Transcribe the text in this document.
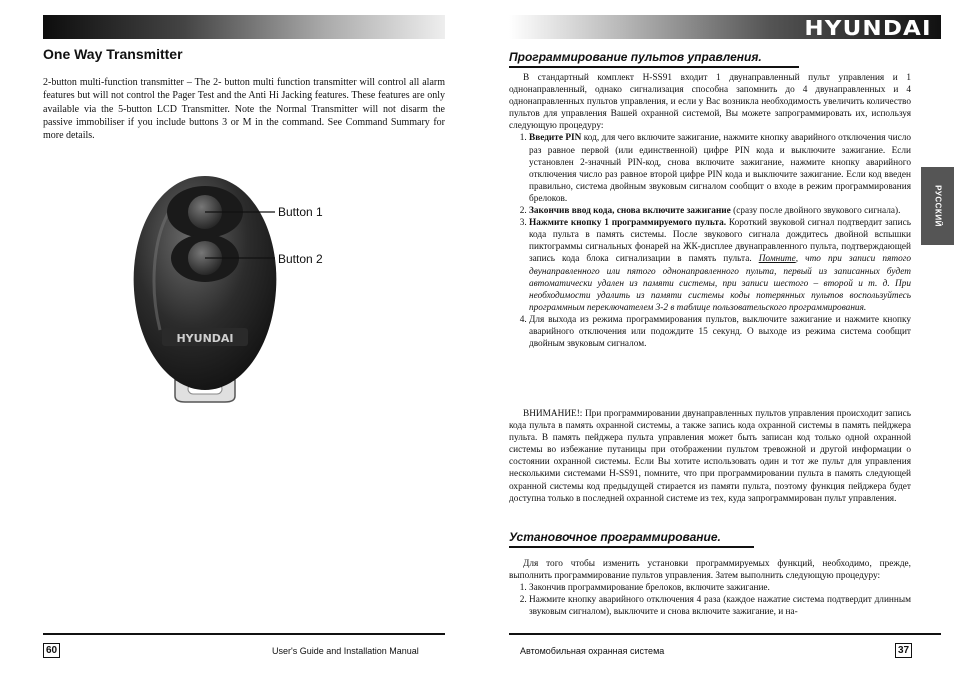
One Way Transmitter
2-button multi-function transmitter – The 2- button multi function transmitter will control all alarm features but will not control the Pager Test and the Anti Hi Jacking features. These features are only available via the 5-button LCD Transmitter. Note the Normal Transmitter will not disarm the passive immobiliser if you include buttons 3 or M in the command. See Command Summary for more details.
Button 1
Button 2
HYUNDAI
60	User's Guide and Installation Manual
HYUNDAI
Программирование пультов управления.

В стандартный комплект H-SS91 входит 1 двунаправленный пульт управления и 1 однонаправленный, однако сигнализация способна запомнить до 4 двунаправленных и 4 однонаправленных пультов управления, и если у Вас возникла необходимость увеличить количество пультов для управления Вашей охранной системой, Вы можете запрограммировать их, используя следующую процедуру:

1. Введите PIN код, для чего включите зажигание, нажмите кнопку аварийного отключения число раз равное первой (или единственной) цифре PIN кода и выключите зажигание. Если установлен 2-значный PIN-код, снова включите зажигание, нажмите кнопку аварийного отключения число раз равное второй цифре PIN кода и выключите зажигание. Если код введен правильно, система двойным звуковым сигналом сообщит о входе в режим программирования брелоков.
2. Закончив ввод кода, снова включите зажигание (сразу после двойного звукового сигнала).
3. Нажмите кнопку 1 программируемого пульта. Короткий звуковой сигнал подтвердит запись кода пульта в память системы. После звукового сигнала дождитесь двойной вспышки пиктограммы сигнальных фонарей на ЖК-дисплее двунаправленного пульта, подтверждающей запись кода блока сигнализации в память пульта. Помните, что при записи пятого двунаправленного или пятого однонаправленного пульта, первый из записанных будет автоматически удален из памяти системы, при записи шестого – второй и т. д. При необходимости удалить из памяти системы коды потерянных пультов воспользуйтесь программным переключателем 3-2 в таблице пользовательского программирования.
4. Для выхода из режима программирования пультов, выключите зажигание и нажмите кнопку аварийного отключения или подождите 15 секунд. О выходе из режима система сообщит двойным звуковым сигналом.

ВНИМАНИЕ!: При программировании двунаправленных пультов управления происходит запись кода пульта в память охранной системы, а также запись кода охранной системы в память пейджера пульта. В память пейджера пульта управления может быть записан код только одной охранной системы во избежание путаницы при отображении пультом тревожной и другой информации о состоянии охранной системы. Если Вы хотите использовать один и тот же пульт для управления несколькими системами H-SS91, помните, что при программировании пульта в память следующей охранной системы код предыдущей стирается из памяти пульта, поэтому функция пейджера будет доступна только в последней охранной системе из тех, куда запрограммирован пульт управления.

Установочное программирование.

Для того чтобы изменить установки программируемых функций, необходимо, прежде, выполнить программирование пультов управления. Затем выполнить следующую процедуру:

1. Закончив программирование брелоков, включите зажигание.
2. Нажмите кнопку аварийного отключения 4 раза (каждое нажатие система подтвердит длинным звуковым сигналом), выключите и снова включите зажигание, и на-
РУССКИЙ
Автомобильная охранная система	37
